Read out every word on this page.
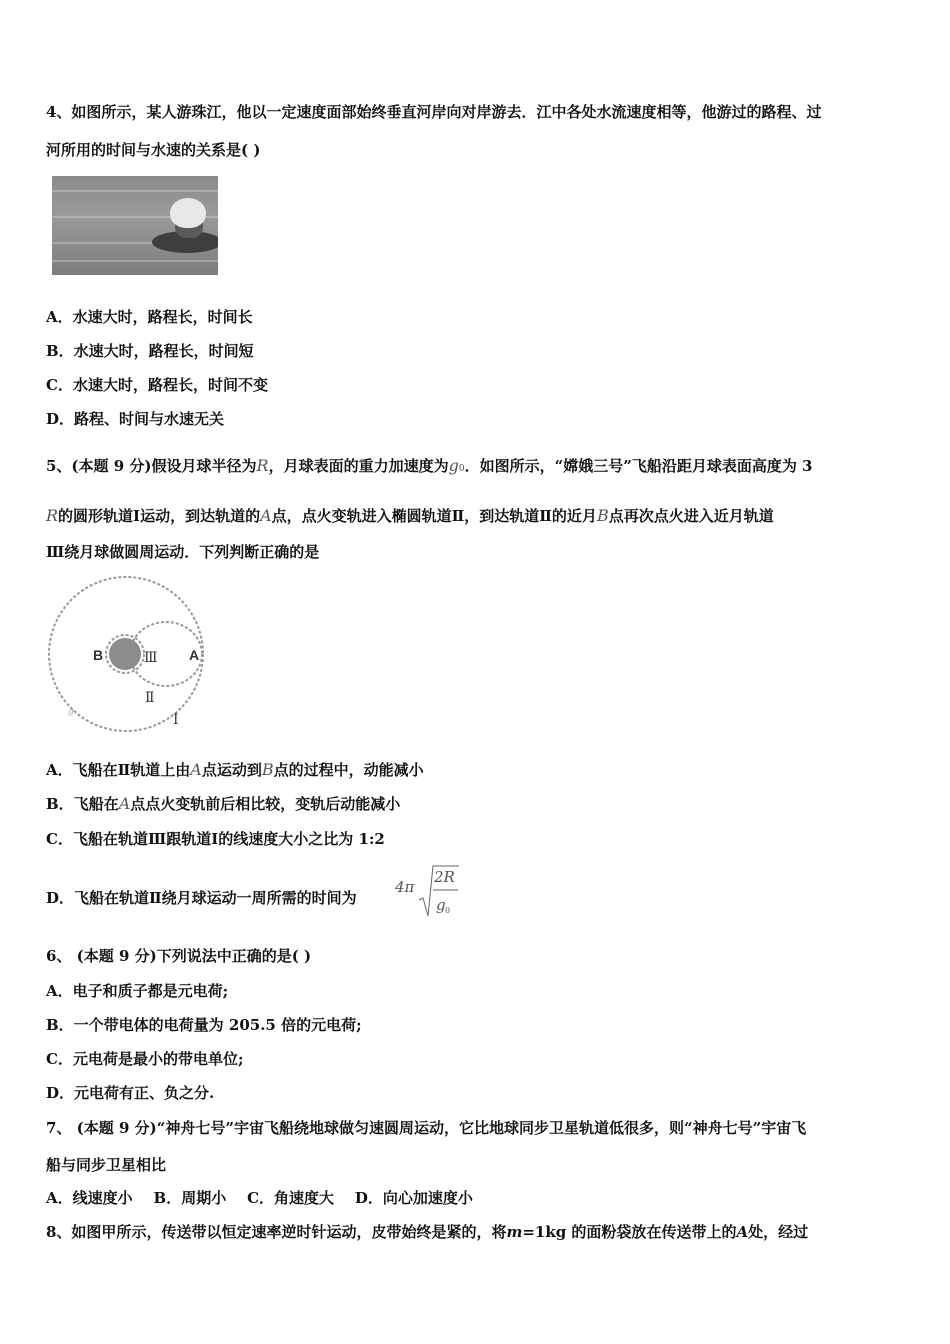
4、如图所示，某人游珠江，他以一定速度面部始终垂直河岸向对岸游去．江中各处水流速度相等，他游过的路程、过
河所用的时间与水速的关系是( )
A．水速大时，路程长，时间长
B．水速大时，路程长，时间短
C．水速大时，路程长，时间不变
D．路程、时间与水速无关
5、(本题 9 分)假设月球半径为R，月球表面的重力加速度为g0．如图所示，“嫦娥三号”飞船沿距月球表面高度为 3
R的圆形轨道Ⅰ运动，到达轨道的A点，点火变轨进入椭圆轨道Ⅱ，到达轨道Ⅱ的近月B点再次点火进入近月轨道
Ⅲ绕月球做圆周运动．下列判断正确的是
B	Ⅲ A
Ⅱ
Ⅰ
g
A．飞船在Ⅱ轨道上由A点运动到B点的过程中，动能减小
B．飞船在A点点火变轨前后相比较，变轨后动能减小
C．飞船在轨道Ⅲ跟轨道Ⅰ的线速度大小之比为 1:2
D．飞船在轨道Ⅱ绕月球运动一周所需的时间为
4π
2R
g 0
6、 (本题 9 分)下列说法中正确的是( )
A．电子和质子都是元电荷;
B．一个带电体的电荷量为 205.5 倍的元电荷;
C．元电荷是最小的带电单位;
D．元电荷有正、负之分.
7、 (本题 9 分)“神舟七号”宇宙飞船绕地球做匀速圆周运动，它比地球同步卫星轨道低很多，则“神舟七号”宇宙飞
船与同步卫星相比
A．线速度小    B．周期小    C．角速度大    D．向心加速度小
8、如图甲所示，传送带以恒定速率逆时针运动，皮带始终是紧的，将m=1kg 的面粉袋放在传送带上的A处，经过
